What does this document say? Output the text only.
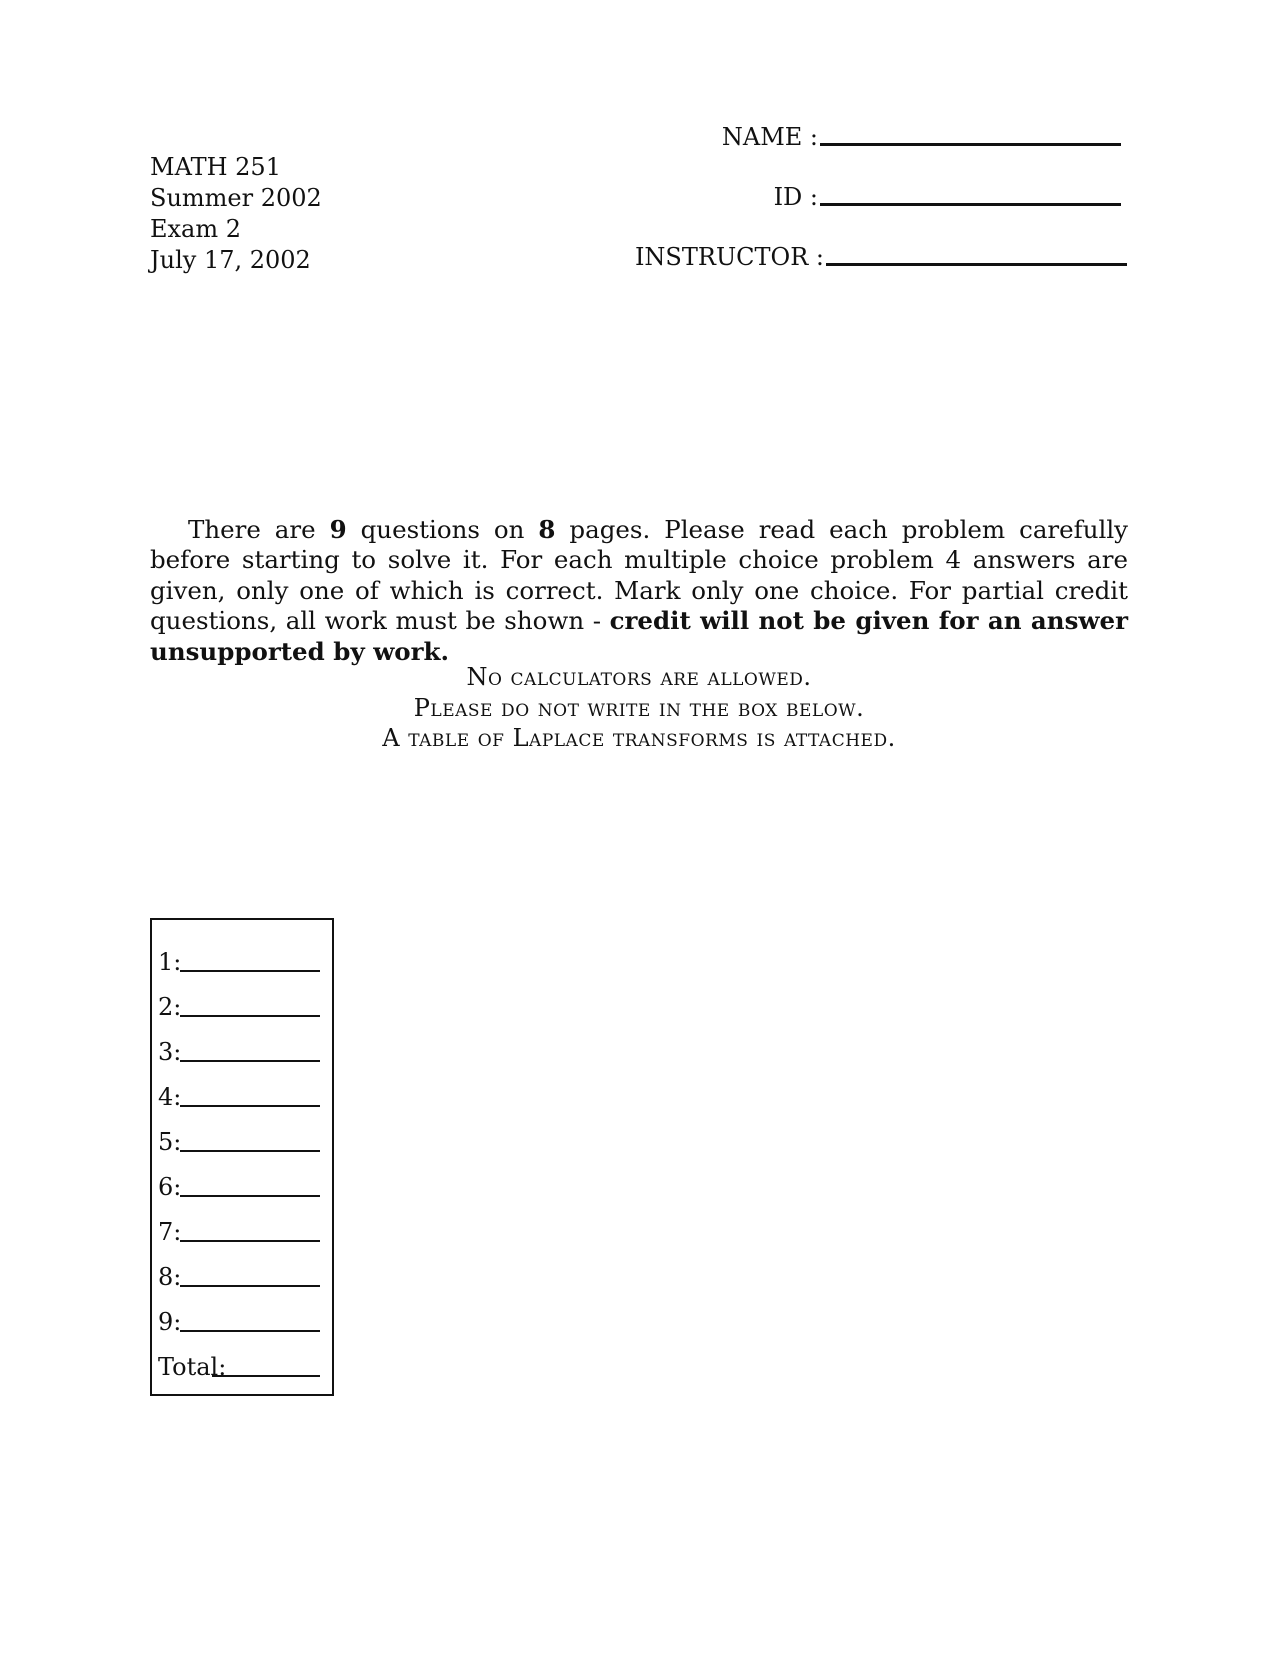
MATH 251
Summer 2002
Exam 2
July 17, 2002
NAME :
ID :
INSTRUCTOR :

There are 9 questions on 8 pages. Please read each problem carefully before starting to solve it. For each multiple choice problem 4 answers are given, only one of which is correct. Mark only one choice. For partial credit questions, all work must be shown - credit will not be given for an answer unsupported by work.

No calculators are allowed.
Please do not write in the box below.
A table of Laplace transforms is attached.
1:
2:
3:
4:
5:
6:
7:
8:
9:
Total:
